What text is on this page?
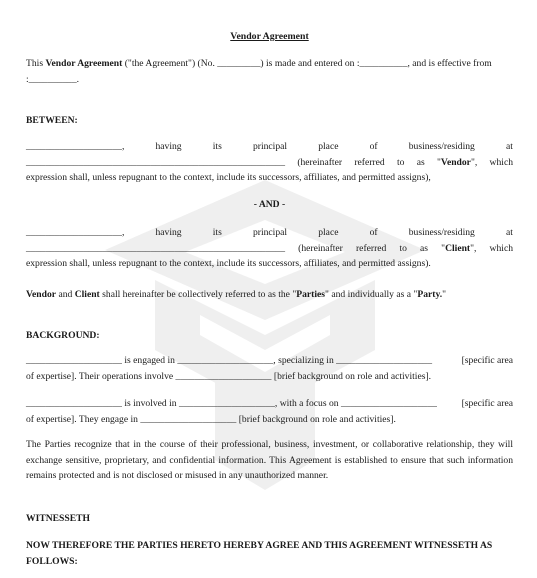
Vendor Agreement
This Vendor Agreement ("the Agreement") (No. _________) is made and entered on :__________, and is effective from
:__________.
BETWEEN:
____________________,	having	its	principal	place	of	business/residing	at
______________________________________________________ (hereinafter referred to as "Vendor", which
expression shall, unless repugnant to the context, include its successors, affiliates, and permitted assigns),
- AND -
____________________,	having	its	principal	place	of	business/residing	at
______________________________________________________ (hereinafter referred to as "Client", which
expression shall, unless repugnant to the context, include its successors, affiliates, and permitted assigns).
Vendor and Client shall hereinafter be collectively referred to as the "Parties" and individually as a "Party."
BACKGROUND:
____________________ is engaged in ____________________, specializing in ____________________	[specific area
of expertise]. Their operations involve ____________________ [brief background on role and activities].
____________________ is involved in ____________________, with a focus on ____________________	[specific area
of expertise]. They engage in ____________________ [brief background on role and activities].
The Parties recognize that in the course of their professional, business, investment, or collaborative relationship, they will exchange sensitive, proprietary, and confidential information. This Agreement is established to ensure that such information remains protected and is not disclosed or misused in any unauthorized manner.
WITNESSETH
NOW THEREFORE THE PARTIES HERETO HEREBY AGREE AND THIS AGREEMENT WITNESSETH AS FOLLOWS:
